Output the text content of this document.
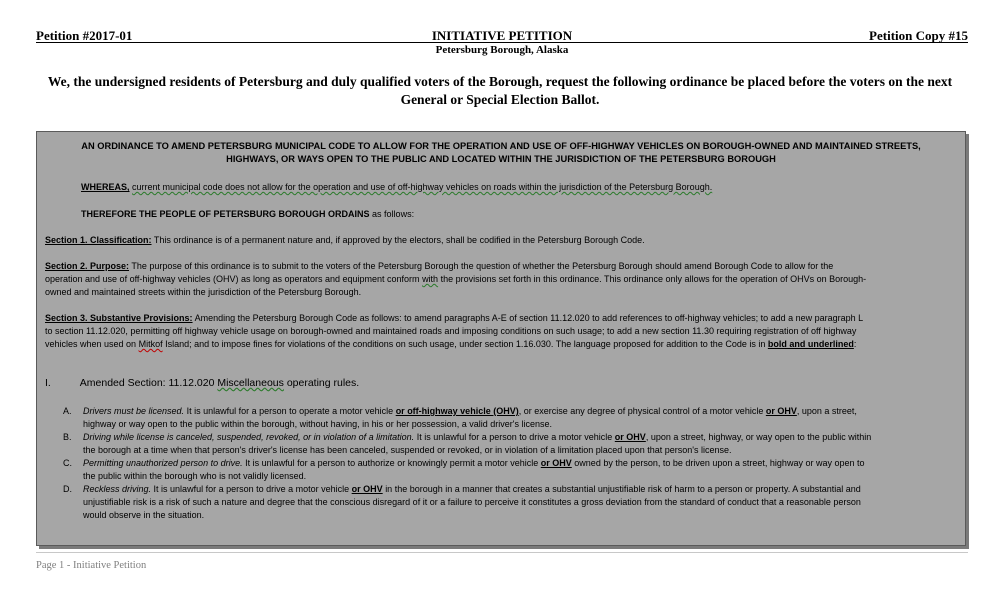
Petition #2017-01	INITIATIVE PETITION
Petersburg Borough, Alaska
Petition Copy #15
We, the undersigned residents of Petersburg and duly qualified voters of the Borough, request the following ordinance be placed before the voters on the next General or Special Election Ballot.
AN ORDINANCE TO AMEND PETERSBURG MUNICIPAL CODE TO ALLOW FOR THE OPERATION AND USE OF OFF-HIGHWAY VEHICLES ON BOROUGH-OWNED AND MAINTAINED STREETS,
HIGHWAYS, OR WAYS OPEN TO THE PUBLIC AND LOCATED WITHIN THE JURISDICTION OF THE PETERSBURG BOROUGH
WHEREAS, current municipal code does not allow for the operation and use of off-highway vehicles on roads within the jurisdiction of the Petersburg Borough.
THEREFORE THE PEOPLE OF PETERSBURG BOROUGH ORDAINS as follows:
Section 1. Classification: This ordinance is of a permanent nature and, if approved by the electors, shall be codified in the Petersburg Borough Code.
Section 2. Purpose: The purpose of this ordinance is to submit to the voters of the Petersburg Borough the question of whether the Petersburg Borough should amend Borough Code to allow for the
operation and use of off-highway vehicles (OHV) as long as operators and equipment conform with the provisions set forth in this ordinance. This ordinance only allows for the operation of OHVs on Borough-
owned and maintained streets within the jurisdiction of the Petersburg Borough.
Section 3. Substantive Provisions: Amending the Petersburg Borough Code as follows: to amend paragraphs A-E of section 11.12.020 to add references to off-highway vehicles; to add a new paragraph L
to section 11.12.020, permitting off highway vehicle usage on borough-owned and maintained roads and imposing conditions on such usage; to add a new section 11.30 requiring registration of off highway
vehicles when used on Mitkof Island; and to impose fines for violations of the conditions on such usage, under section 1.16.030. The language proposed for addition to the Code is in bold and underlined:
I.	Amended Section: 11.12.020 Miscellaneous operating rules.
A. Drivers must be licensed. It is unlawful for a person to operate a motor vehicle or off-highway vehicle (OHV), or exercise any degree of physical control of a motor vehicle or OHV, upon a street,
highway or way open to the public within the borough, without having, in his or her possession, a valid driver's license.
B. Driving while license is canceled, suspended, revoked, or in violation of a limitation. It is unlawful for a person to drive a motor vehicle or OHV, upon a street, highway, or way open to the public within
the borough at a time when that person's driver's license has been canceled, suspended or revoked, or in violation of a limitation placed upon that person's license.
C. Permitting unauthorized person to drive. It is unlawful for a person to authorize or knowingly permit a motor vehicle or OHV owned by the person, to be driven upon a street, highway or way open to
the public within the borough who is not validly licensed.
D. Reckless driving. It is unlawful for a person to drive a motor vehicle or OHV in the borough in a manner that creates a substantial unjustifiable risk of harm to a person or property. A substantial and
unjustifiable risk is a risk of such a nature and degree that the conscious disregard of it or a failure to perceive it constitutes a gross deviation from the standard of conduct that a reasonable person
would observe in the situation.
Page 1 - Initiative Petition
